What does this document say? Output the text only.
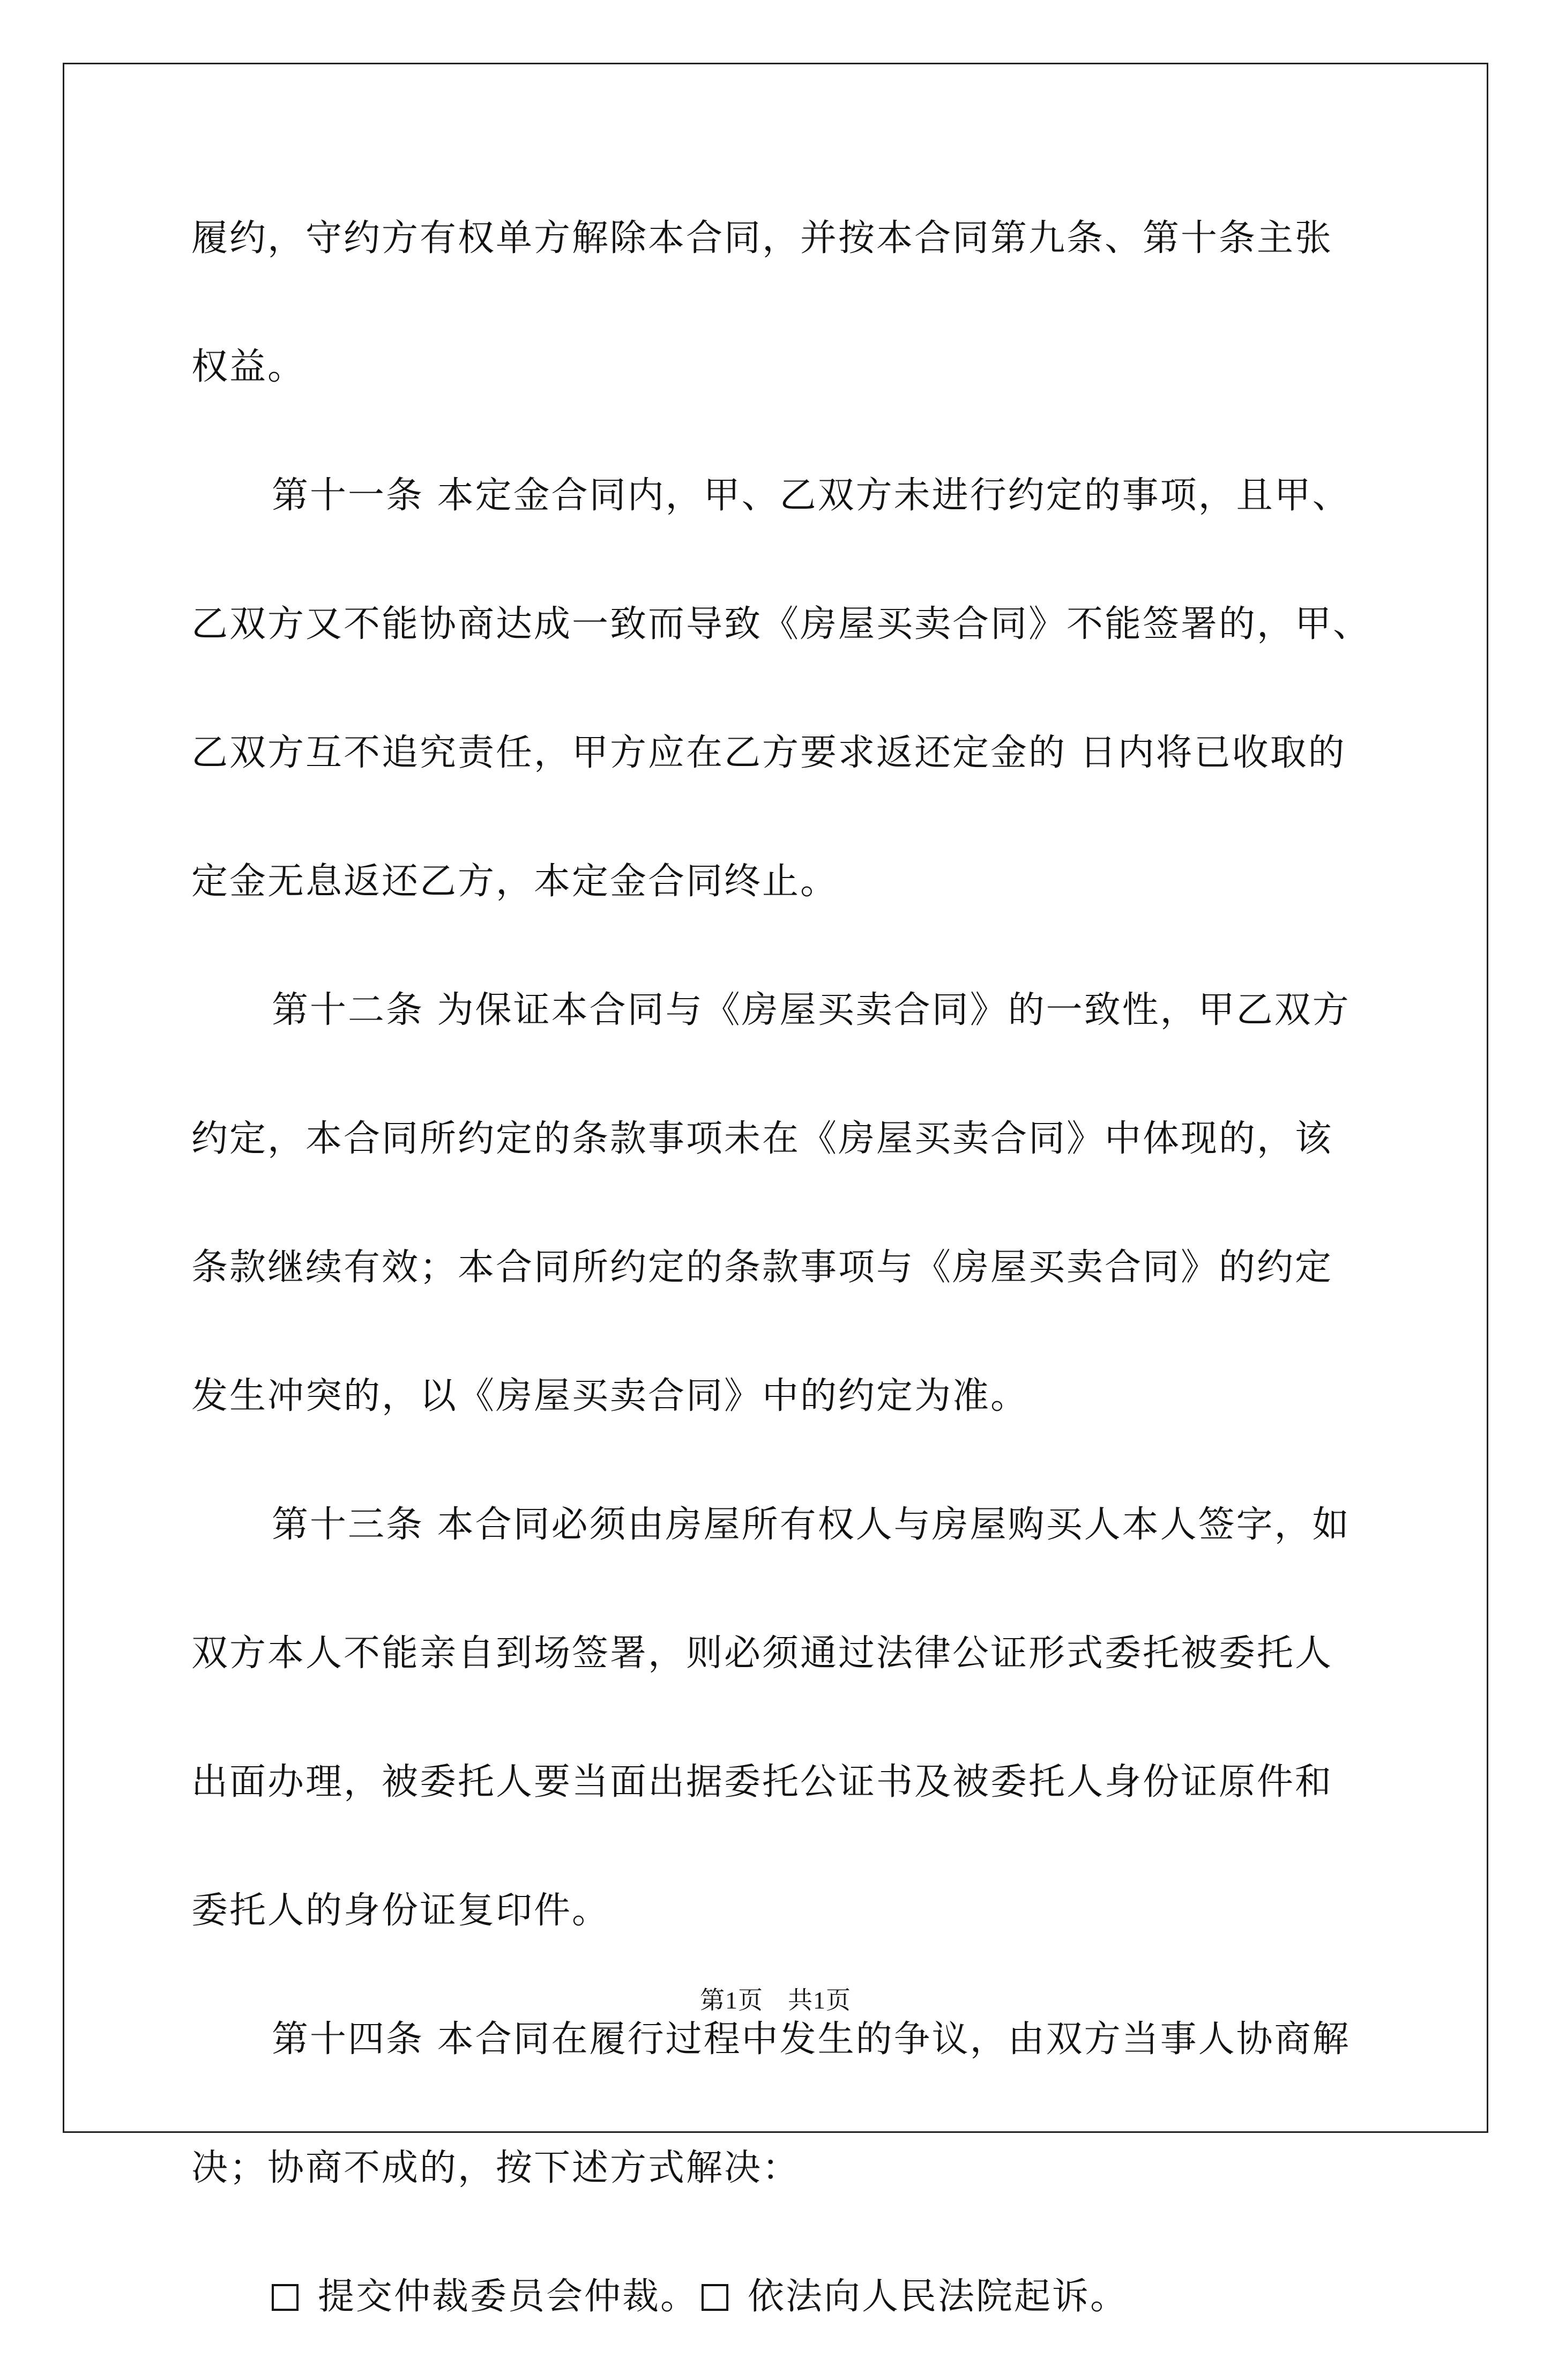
履约，守约方有权单方解除本合同，并按本合同第九条、第十条主张
权益。
第十一条 本定金合同内，甲、乙双方未进行约定的事项，且甲、
乙双方又不能协商达成一致而导致《房屋买卖合同》不能签署的，甲、
乙双方互不追究责任，甲方应在乙方要求返还定金的 日内将已收取的
定金无息返还乙方，本定金合同终止。
第十二条 为保证本合同与《房屋买卖合同》的一致性，甲乙双方
约定，本合同所约定的条款事项未在《房屋买卖合同》中体现的，该
条款继续有效；本合同所约定的条款事项与《房屋买卖合同》的约定
发生冲突的，以《房屋买卖合同》中的约定为准。
第十三条 本合同必须由房屋所有权人与房屋购买人本人签字，如
双方本人不能亲自到场签署，则必须通过法律公证形式委托被委托人
出面办理，被委托人要当面出据委托公证书及被委托人身份证原件和
委托人的身份证复印件。
第十四条 本合同在履行过程中发生的争议，由双方当事人协商解
决；协商不成的，按下述方式解决：
提交仲裁委员会仲裁。 依法向人民法院起诉。
第1页 共1页
